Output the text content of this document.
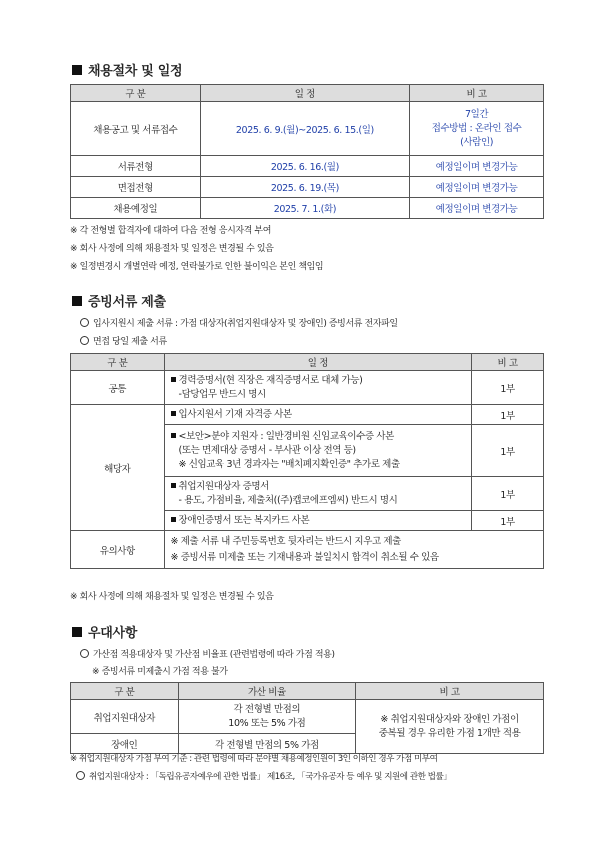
채용절차 및 일정
구 분	일 정	비 고
채용공고 및 서류접수	2025. 6. 9.(월)~2025. 6. 15.(일)	7일간
접수방법 : 온라인 접수
(사람인)

서류전형	2025. 6. 16.(월)	예정일이며 변경가능
면접전형	2025. 6. 19.(목)	예정일이며 변경가능
채용예정일	2025. 7. 1.(화)	예정일이며 변경가능
※ 각 전형별 합격자에 대하여 다음 전형 응시자격 부여
※ 회사 사정에 의해 채용절차 및 일정은 변경될 수 있음
※ 일정변경시 개별연락 예정, 연락불가로 인한 불이익은 본인 책임임
증빙서류 제출
입사지원시 제출 서류 : 가점 대상자(취업지원대상자 및 장애인) 증빙서류 전자파일
면접 당일 제출 서류
구 분	일 정	비 고
공통	경력증명서(현 직장은 재직증명서로 대체 가능)
-담당업무 반드시 명시	1부
해당자	입사지원서 기재 자격증 사본	1부

	<보안>분야 지원자 : 일반경비원 신임교육이수증 사본
(또는 면제대상 증명서 - 부사관 이상 전역 등)
※ 신임교육 3년 경과자는 "배치폐지확인증" 추가로 제출	1부

	취업지원대상자 증명서
- 용도, 가점비율, 제출처((주)캡코에프엠씨) 반드시 명시	1부

	장애인증명서 또는 복지카드 사본	1부
유의사항	※ 제출 서류 내 주민등록번호 뒷자리는 반드시 지우고 제출
※ 증빙서류 미제출 또는 기재내용과 불일치시 합격이 취소될 수 있음	
※ 회사 사정에 의해 채용절차 및 일정은 변경될 수 있음
우대사항
가산점 적용대상자 및 가산점 비율표 (관련법령에 따라 가점 적용)
※ 증빙서류 미제출시 가점 적용 불가
구 분	가산 비율	비 고
취업지원대상자	각 전형별 만점의
10% 또는 5% 가점	※ 취업지원대상자와 장애인 가점이
중복될 경우 유리한 가점 1개만 적용

장애인	각 전형별 만점의 5% 가점	
※ 취업지원대상자 가점 부여 기준 : 관련 법령에 따라 분야별 채용예정인원이 3인 이하인 경우 가점 미부여
취업지원대상자 : 「독립유공자예우에 관한 법률」 제16조, 「국가유공자 등 예우 및 지원에 관한 법률」
